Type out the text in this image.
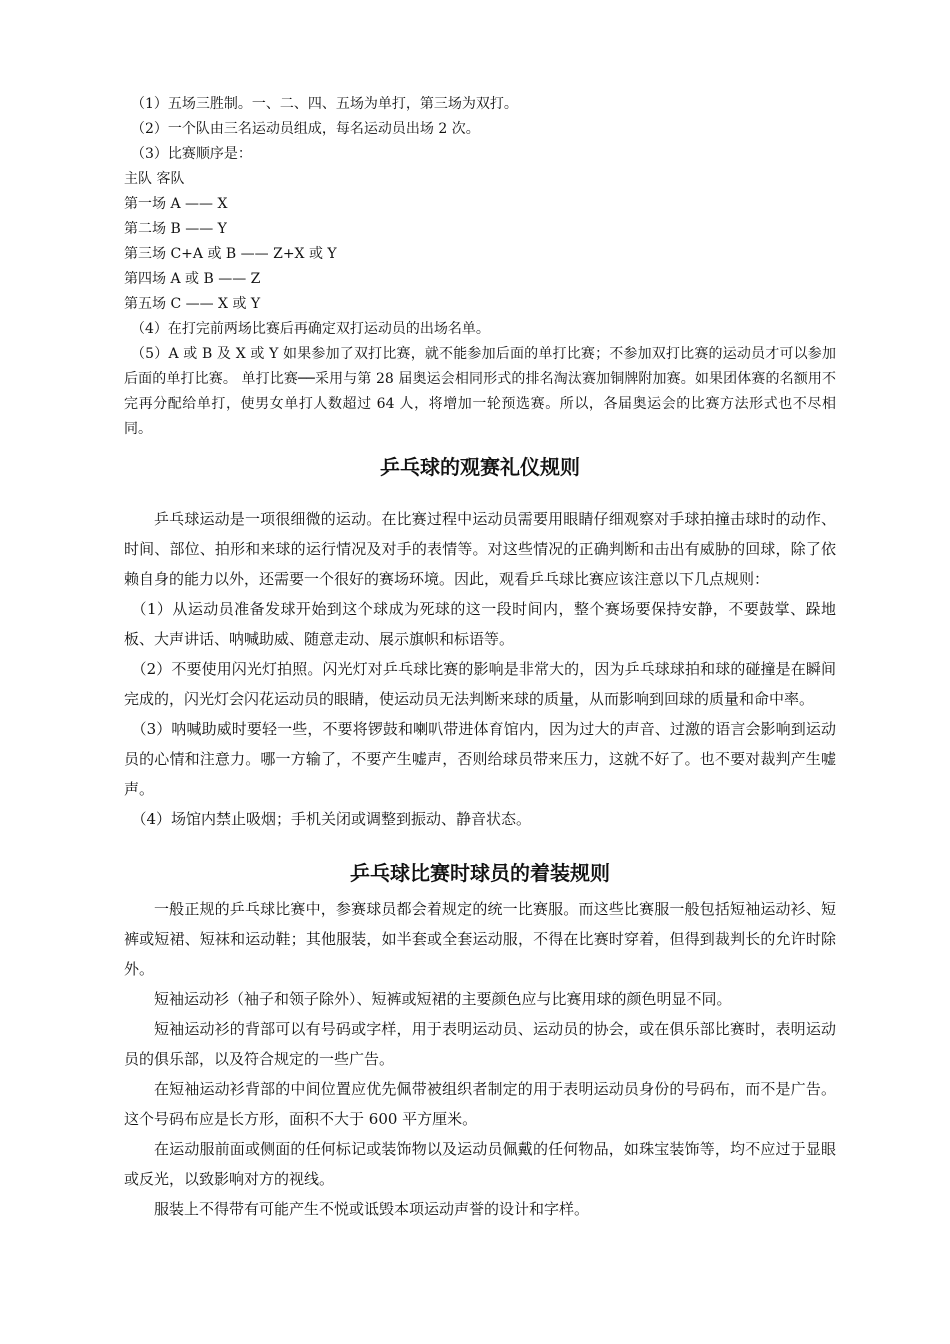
（1）五场三胜制。一、二、四、五场为单打，第三场为双打。

（2）一个队由三名运动员组成，每名运动员出场 2 次。

（3）比赛顺序是：

主队 客队

第一场 A —— X

第二场 B —— Y

第三场 C+A 或 B —— Z+X 或 Y

第四场 A 或 B —— Z

第五场 C —— X 或 Y

（4）在打完前两场比赛后再确定双打运动员的出场名单。

（5）A 或 B 及 X 或 Y 如果参加了双打比赛，就不能参加后面的单打比赛；不参加双打比赛的运动员才可以参加后面的单打比赛。 单打比赛──采用与第 28 届奥运会相同形式的排名淘汰赛加铜牌附加赛。如果团体赛的名额用不完再分配给单打，使男女单打人数超过 64 人，将增加一轮预选赛。所以，各届奥运会的比赛方法形式也不尽相同。

乒乓球的观赛礼仪规则

乒乓球运动是一项很细微的运动。在比赛过程中运动员需要用眼睛仔细观察对手球拍撞击球时的动作、时间、部位、拍形和来球的运行情况及对手的表情等。对这些情况的正确判断和击出有威胁的回球，除了依赖自身的能力以外，还需要一个很好的赛场环境。因此，观看乒乓球比赛应该注意以下几点规则：

（1）从运动员准备发球开始到这个球成为死球的这一段时间内，整个赛场要保持安静，不要鼓掌、跺地板、大声讲话、呐喊助威、随意走动、展示旗帜和标语等。

（2）不要使用闪光灯拍照。闪光灯对乒乓球比赛的影响是非常大的，因为乒乓球球拍和球的碰撞是在瞬间完成的，闪光灯会闪花运动员的眼睛，使运动员无法判断来球的质量，从而影响到回球的质量和命中率。

（3）呐喊助威时要轻一些，不要将锣鼓和喇叭带进体育馆内，因为过大的声音、过激的语言会影响到运动员的心情和注意力。哪一方输了，不要产生嘘声，否则给球员带来压力，这就不好了。也不要对裁判产生嘘声。

（4）场馆内禁止吸烟；手机关闭或调整到振动、静音状态。

乒乓球比赛时球员的着装规则

一般正规的乒乓球比赛中，参赛球员都会着规定的统一比赛服。而这些比赛服一般包括短袖运动衫、短裤或短裙、短袜和运动鞋；其他服装，如半套或全套运动服，不得在比赛时穿着，但得到裁判长的允许时除外。

短袖运动衫（袖子和领子除外）、短裤或短裙的主要颜色应与比赛用球的颜色明显不同。

短袖运动衫的背部可以有号码或字样，用于表明运动员、运动员的协会，或在俱乐部比赛时，表明运动员的俱乐部，以及符合规定的一些广告。

在短袖运动衫背部的中间位置应优先佩带被组织者制定的用于表明运动员身份的号码布，而不是广告。这个号码布应是长方形，面积不大于 600 平方厘米。

在运动服前面或侧面的任何标记或装饰物以及运动员佩戴的任何物品，如珠宝装饰等，均不应过于显眼或反光，以致影响对方的视线。

服装上不得带有可能产生不悦或诋毁本项运动声誉的设计和字样。
